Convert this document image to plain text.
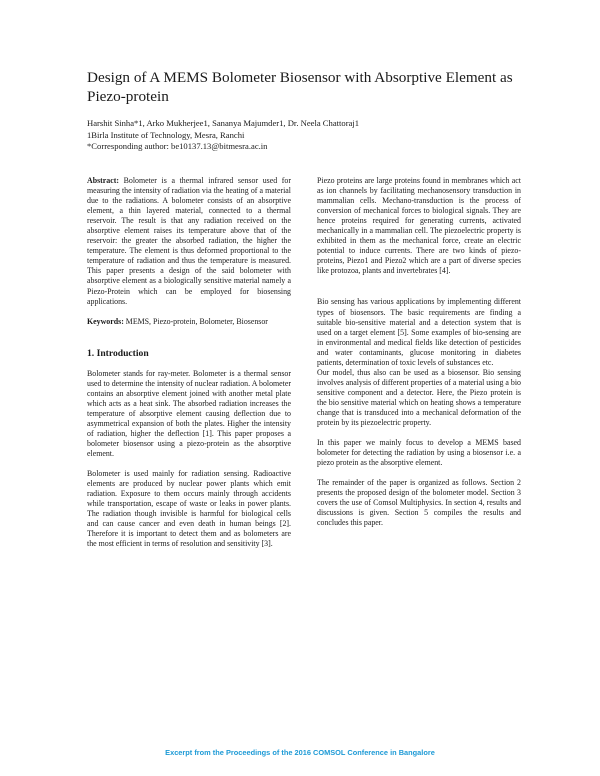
Design of A MEMS Bolometer Biosensor with Absorptive Element as Piezo-protein
Harshit Sinha*1, Arko Mukherjee1, Sananya Majumder1, Dr. Neela Chattoraj1
1Birla Institute of Technology, Mesra, Ranchi
*Corresponding author: be10137.13@bitmesra.ac.in

Abstract: Bolometer is a thermal infrared sensor used for measuring the intensity of radiation via the heating of a material due to the radiations. A bolometer consists of an absorptive element, a thin layered material, connected to a thermal reservoir. The result is that any radiation received on the absorptive element raises its temperature above that of the reservoir: the greater the absorbed radiation, the higher the temperature. The element is thus deformed proportional to the temperature of radiation and thus the temperature is measured. This paper presents a design of the said bolometer with absorptive element as a biologically sensitive material namely a Piezo-Protein which can be employed for biosensing applications.

Keywords: MEMS, Piezo-protein, Bolometer, Biosensor

1. Introduction

Bolometer stands for ray-meter. Bolometer is a thermal sensor used to determine the intensity of nuclear radiation. A bolometer contains an absorptive element joined with another metal plate which acts as a heat sink. The absorbed radiation increases the temperature of absorptive element causing deflection due to asymmetrical expansion of both the plates. Higher the intensity of radiation, higher the deflection [1]. This paper proposes a bolometer biosensor using a piezo-protein as the absorptive element.

Bolometer is used mainly for radiation sensing. Radioactive elements are produced by nuclear power plants which emit radiation. Exposure to them occurs mainly through accidents while transportation, escape of waste or leaks in power plants. The radiation though invisible is harmful for biological cells and can cause cancer and even death in human beings [2]. Therefore it is important to detect them and as bolometers are the most efficient in terms of resolution and sensitivity [3].

Piezo proteins are large proteins found in membranes which act as ion channels by facilitating mechanosensory transduction in mammalian cells. Mechano-transduction is the process of conversion of mechanical forces to biological signals. They are hence proteins required for generating currents, activated mechanically in a mammalian cell. The piezoelectric property is exhibited in them as the mechanical force, create an electric potential to induce currents. There are two kinds of piezo-proteins, Piezo1 and Piezo2 which are a part of diverse species like protozoa, plants and invertebrates [4].

Bio sensing has various applications by implementing different types of biosensors. The basic requirements are finding a suitable bio-sensitive material and a detection system that is used on a target element [5]. Some examples of bio-sensing are in environmental and medical fields like detection of pesticides and water contaminants, glucose monitoring in diabetes patients, determination of toxic levels of substances etc.

Our model, thus also can be used as a biosensor. Bio sensing involves analysis of different properties of a material using a bio sensitive component and a detector. Here, the Piezo protein is the bio sensitive material which on heating shows a temperature change that is transduced into a mechanical deformation of the protein by its piezoelectric property.

In this paper we mainly focus to develop a MEMS based bolometer for detecting the radiation by using a biosensor i.e. a piezo protein as the absorptive element.

The remainder of the paper is organized as follows. Section 2 presents the proposed design of the bolometer model. Section 3 covers the use of Comsol Multiphysics. In section 4, results and discussions is given. Section 5 compiles the results and concludes this paper.

Excerpt from the Proceedings of the 2016 COMSOL Conference in Bangalore
